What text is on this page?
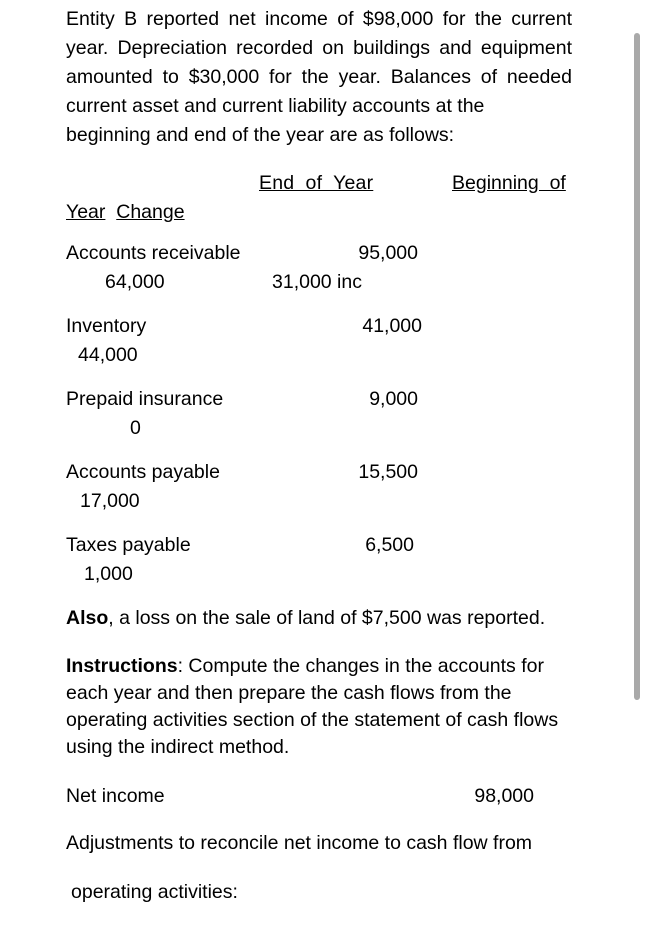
Entity B reported net income of $98,000 for the current year. Depreciation recorded on buildings and equipment amounted to $30,000 for the year. Balances of needed current asset and current liability accounts at the

beginning and end of the year are as follows:

End  of  Year	Beginning  of
Year Change
Accounts receivable	95,000
64,000	31,000 inc
Inventory	41,000
44,000
Prepaid insurance	9,000
0
Accounts payable	15,500
17,000
Taxes payable	6,500
1,000

Also, a loss on the sale of land of $7,500 was reported.

Instructions: Compute the changes in the accounts for each year and then prepare the cash flows from the operating activities section of the statement of cash flows using the indirect method.

Net income	98,000

Adjustments to reconcile net income to cash flow from

operating activities:
